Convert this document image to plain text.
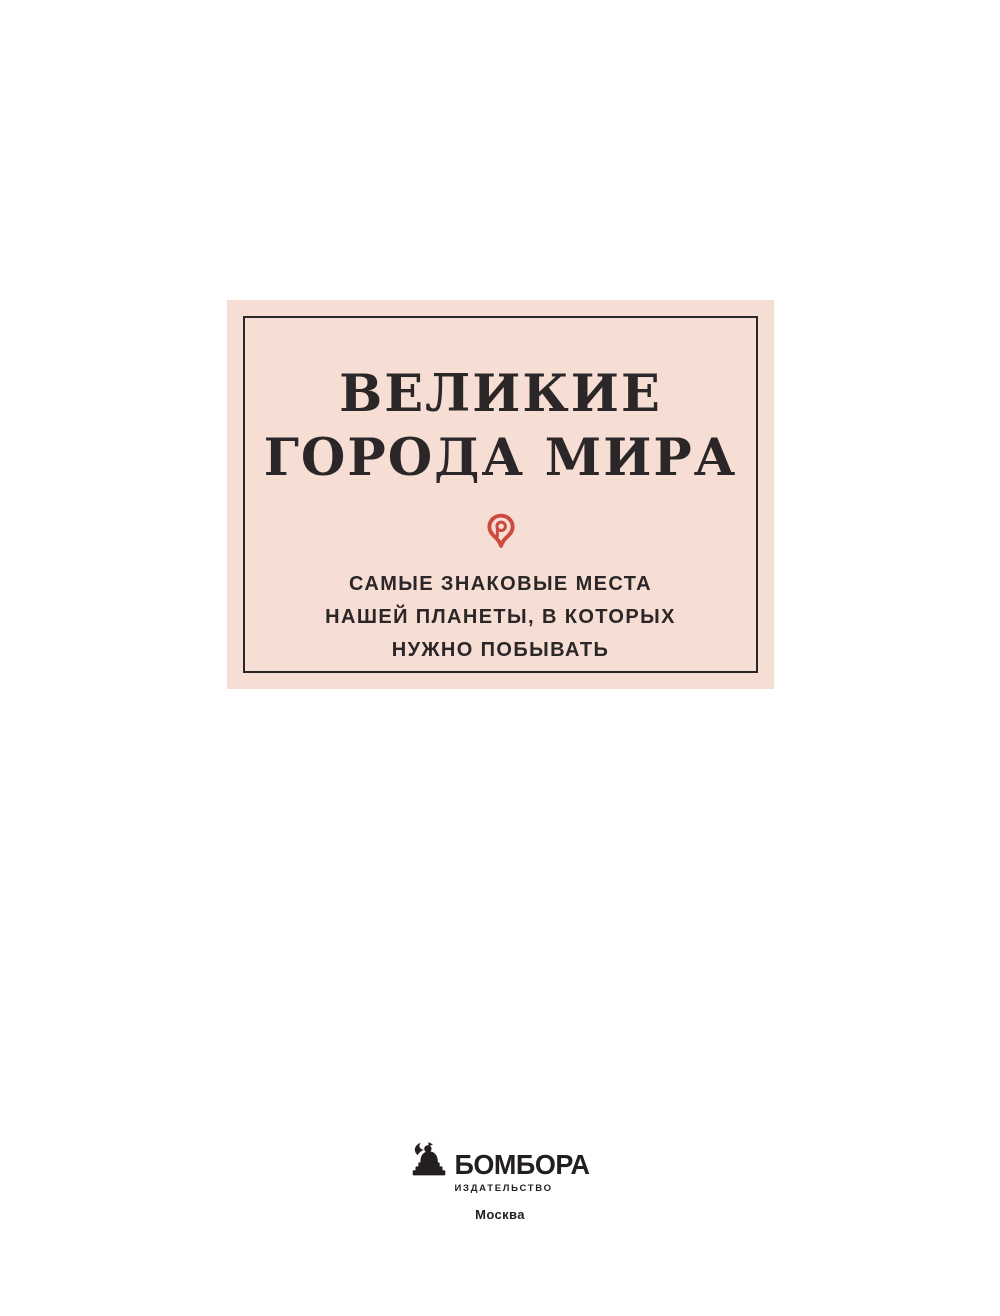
ВЕЛИКИЕ
ГОРОДА МИРА

САМЫЕ ЗНАКОВЫЕ МЕСТА
НАШЕЙ ПЛАНЕТЫ, В КОТОРЫХ
НУЖНО ПОБЫВАТЬ

БОМБОРА
ИЗДАТЕЛЬСТВО
Москва
